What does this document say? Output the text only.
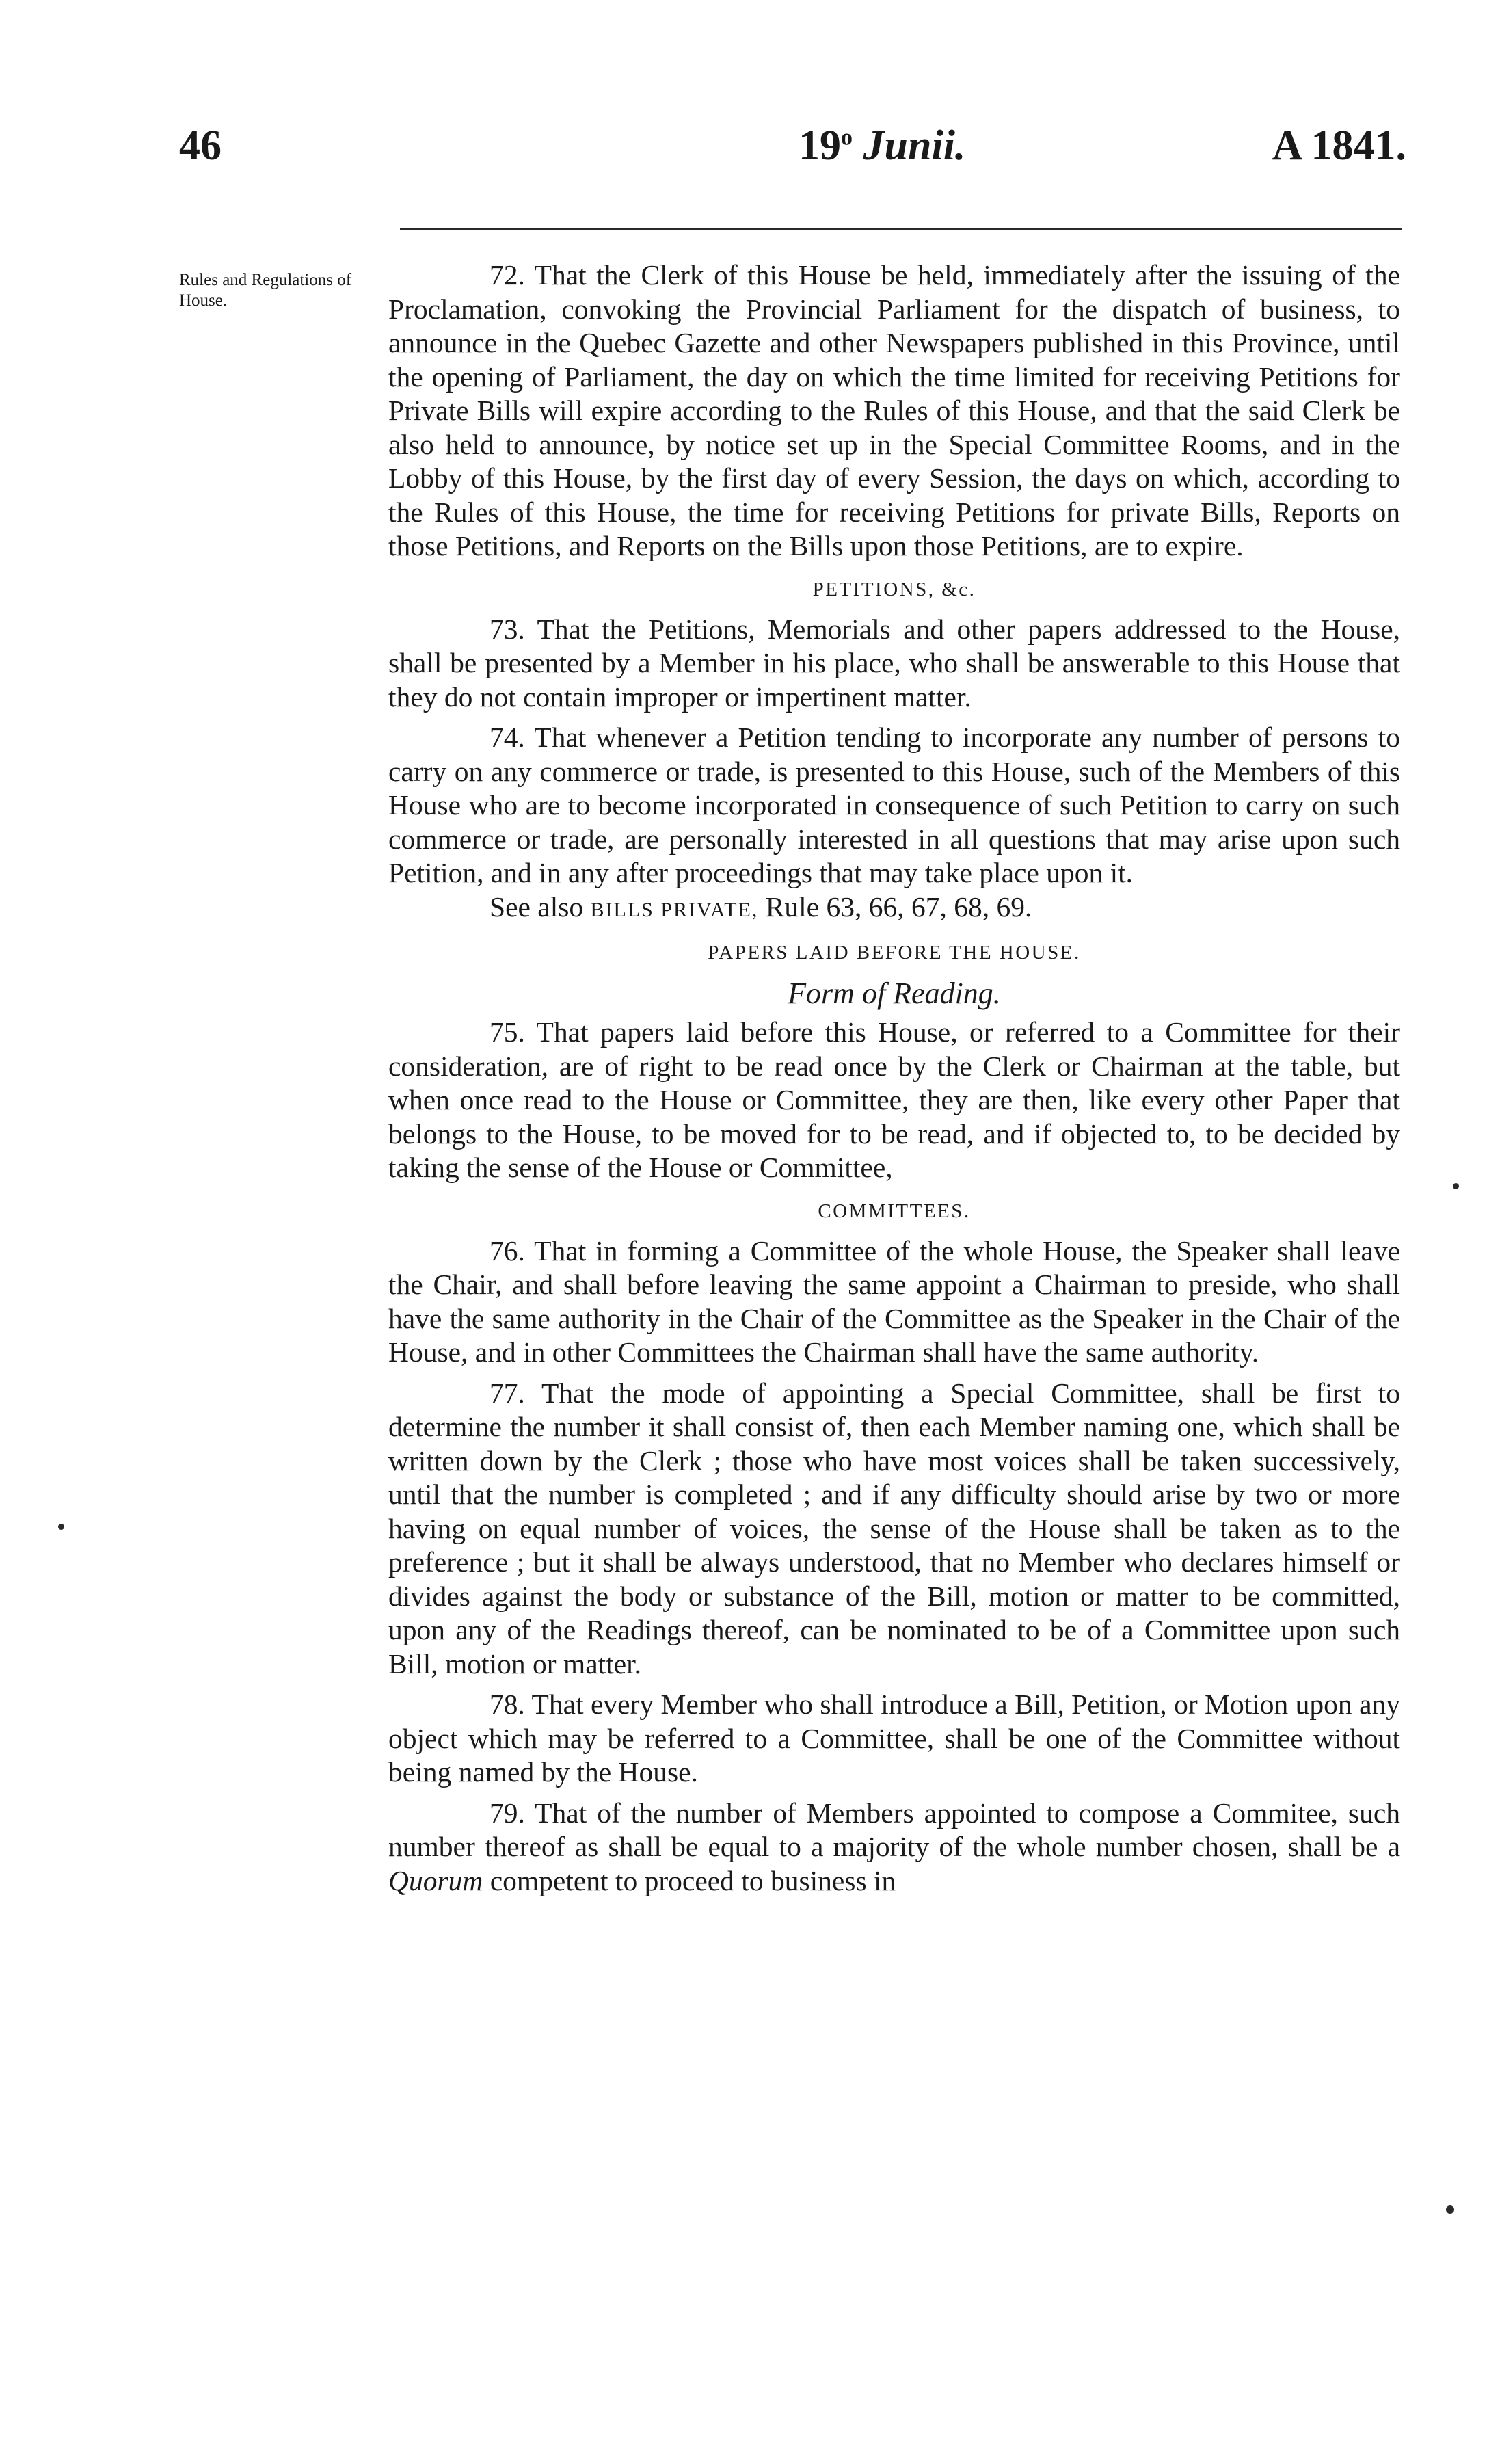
46	19$^o$ Junii.	A 1841.
Rules and Regulations of House.

72. That the Clerk of this House be held, immediately after the issuing of the Proclamation, convoking the Provincial Parliament for the dispatch of business, to announce in the Quebec Gazette and other Newspapers published in this Province, until the opening of Parliament, the day on which the time limited for receiving Petitions for Private Bills will expire according to the Rules of this House, and that the said Clerk be also held to announce, by notice set up in the Special Committee Rooms, and in the Lobby of this House, by the first day of every Session, the days on which, according to the Rules of this House, the time for receiving Petitions for private Bills, Reports on those Petitions, and Reports on the Bills upon those Petitions, are to expire.

PETITIONS, &c.

73. That the Petitions, Memorials and other papers addressed to the House, shall be presented by a Member in his place, who shall be answerable to this House that they do not contain improper or impertinent matter.

74. That whenever a Petition tending to incorporate any number of persons to carry on any commerce or trade, is presented to this House, such of the Members of this House who are to become incorporated in consequence of such Petition to carry on such commerce or trade, are personally interested in all questions that may arise upon such Petition, and in any after proceedings that may take place upon it.

See also BILLS PRIVATE, Rule 63, 66, 67, 68, 69.

PAPERS LAID BEFORE THE HOUSE.
Form of Reading.

75. That papers laid before this House, or referred to a Committee for their consideration, are of right to be read once by the Clerk or Chairman at the table, but when once read to the House or Committee, they are then, like every other Paper that belongs to the House, to be moved for to be read, and if objected to, to be decided by taking the sense of the House or Committee,

COMMITTEES.

76. That in forming a Committee of the whole House, the Speaker shall leave the Chair, and shall before leaving the same appoint a Chairman to preside, who shall have the same authority in the Chair of the Committee as the Speaker in the Chair of the House, and in other Committees the Chairman shall have the same authority.

77. That the mode of appointing a Special Committee, shall be first to determine the number it shall consist of, then each Member naming one, which shall be written down by the Clerk ; those who have most voices shall be taken successively, until that the number is completed ; and if any difficulty should arise by two or more having on equal number of voices, the sense of the House shall be taken as to the preference ; but it shall be always understood, that no Member who declares himself or divides against the body or substance of the Bill, motion or matter to be committed, upon any of the Readings thereof, can be nominated to be of a Committee upon such Bill, motion or matter.

78. That every Member who shall introduce a Bill, Petition, or Motion upon any object which may be referred to a Committee, shall be one of the Committee without being named by the House.

79. That of the number of Members appointed to compose a Commitee, such number thereof as shall be equal to a majority of the whole number chosen, shall be a Quorum competent to proceed to business in
